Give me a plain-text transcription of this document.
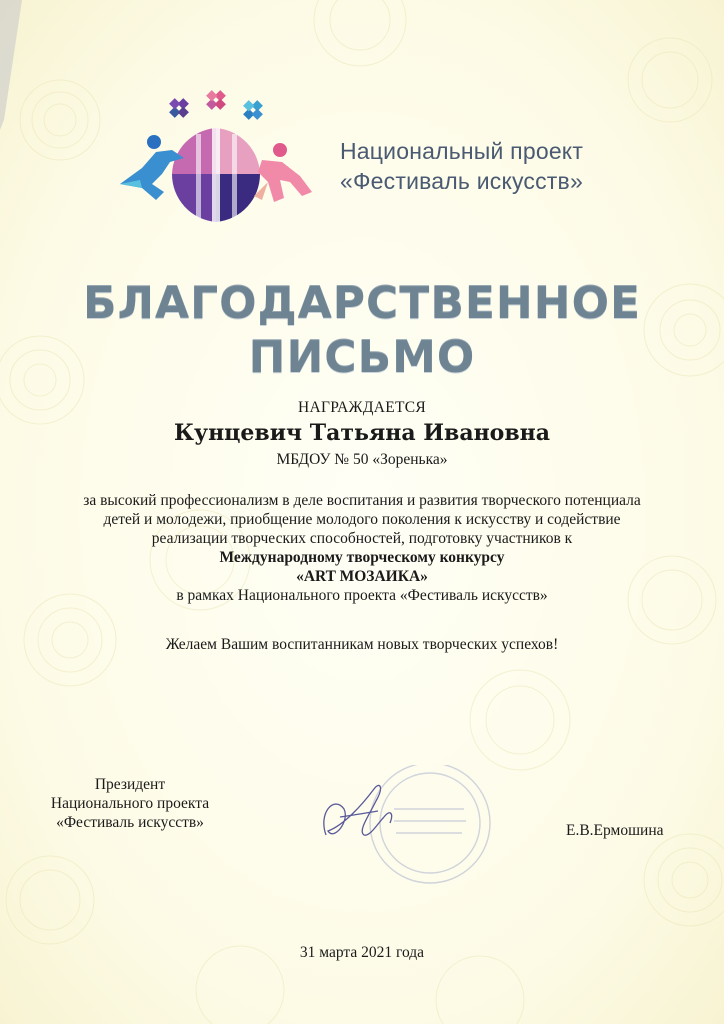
Национальный проект
«Фестиваль искусств»
БЛАГОДАРСТВЕННОЕ
ПИСЬМО
НАГРАЖДАЕТСЯ
Кунцевич Татьяна Ивановна
МБДОУ № 50 «Зоренька»
за высокий профессионализм в деле воспитания и развития творческого потенциала
детей и молодежи, приобщение молодого поколения к искусству и содействие
реализации творческих способностей, подготовку участников к
Международному творческому конкурсу
«ART МОЗАИКА»
в рамках Национального проекта «Фестиваль искусств»
Желаем Вашим воспитанникам новых творческих успехов!
Президент
Национального проекта
«Фестиваль искусств»	Е.В.Ермошина
31 марта 2021 года
